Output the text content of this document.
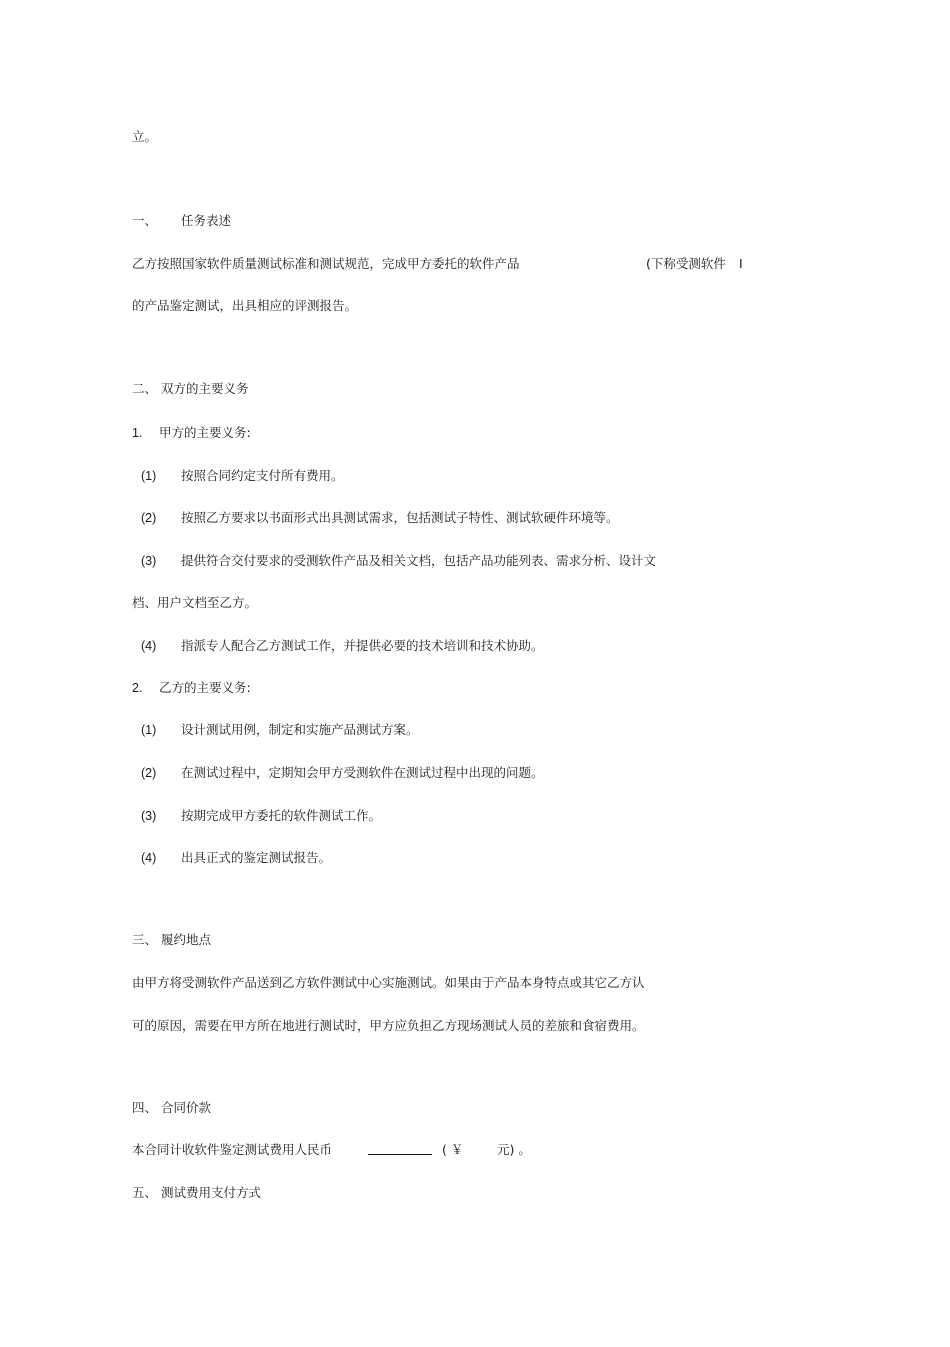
立。
一、 任务表述
乙方按照国家软件质量测试标准和测试规范，完成甲方委托的软件产品	(下称受测软件 I
的产品鉴定测试，出具相应的评测报告。
二、 双方的主要义务
1. 甲方的主要义务:
(1) 按照合同约定支付所有费用。
(2) 按照乙方要求以书面形式出具测试需求，包括测试子特性、测试软硬件环境等。
(3) 提供符合交付要求的受测软件产品及相关文档，包括产品功能列表、需求分析、设计文
档、用户文档至乙方。
(4) 指派专人配合乙方测试工作，并提供必要的技术培训和技术协助。
2. 乙方的主要义务:
(1) 设计测试用例，制定和实施产品测试方案。
(2) 在测试过程中，定期知会甲方受测软件在测试过程中出现的问题。
(3) 按期完成甲方委托的软件测试工作。
(4) 出具正式的鉴定测试报告。
三、 履约地点
由甲方将受测软件产品送到乙方软件测试中心实施测试。如果由于产品本身特点或其它乙方认
可的原因，需要在甲方所在地进行测试时，甲方应负担乙方现场测试人员的差旅和食宿费用。
四、 合同价款
本合同计收软件鉴定测试费用人民币	( ￥	元) 。
五、 测试费用支付方式
